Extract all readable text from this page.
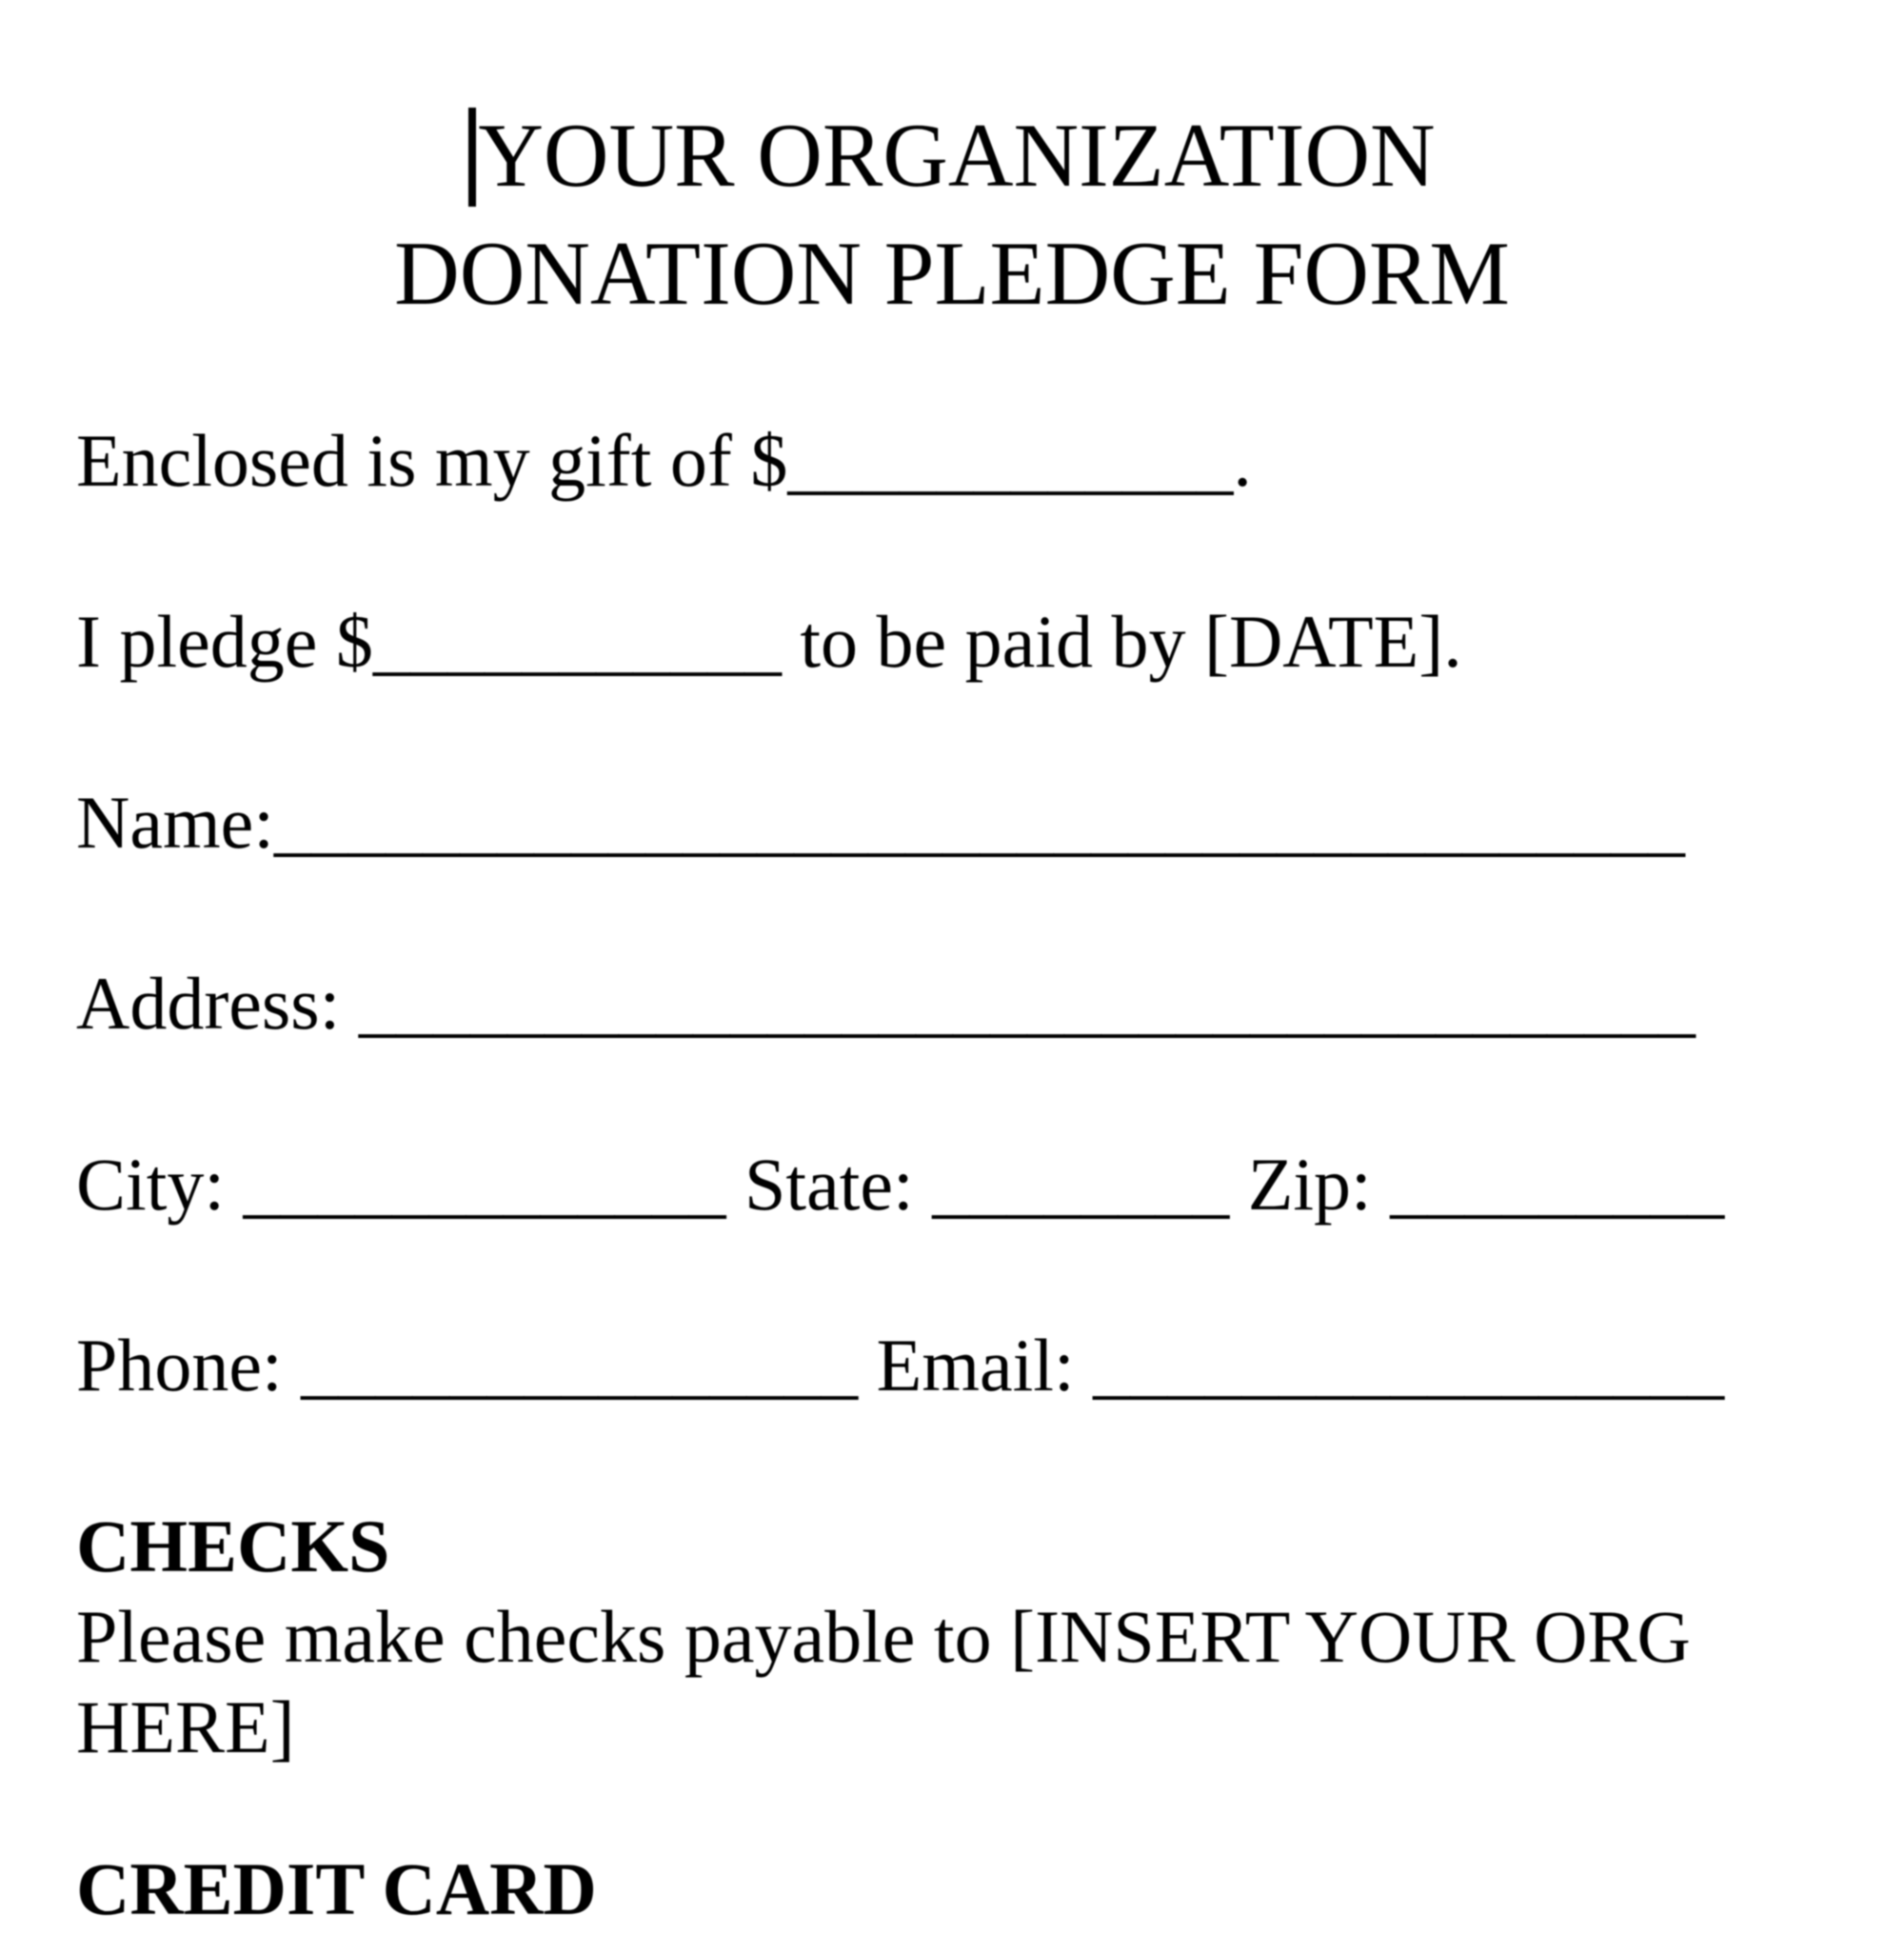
YOUR ORGANIZATION
DONATION PLEDGE FORM

Enclosed is my gift of $____________.

I pledge $___________ to be paid by [DATE].

Name:______________________________________

Address: ____________________________________

City: _____________ State: ________ Zip: _________

Phone: _______________ Email: _________________

CHECKS

Please make checks payable to [INSERT YOUR ORG
HERE]

CREDIT CARD
